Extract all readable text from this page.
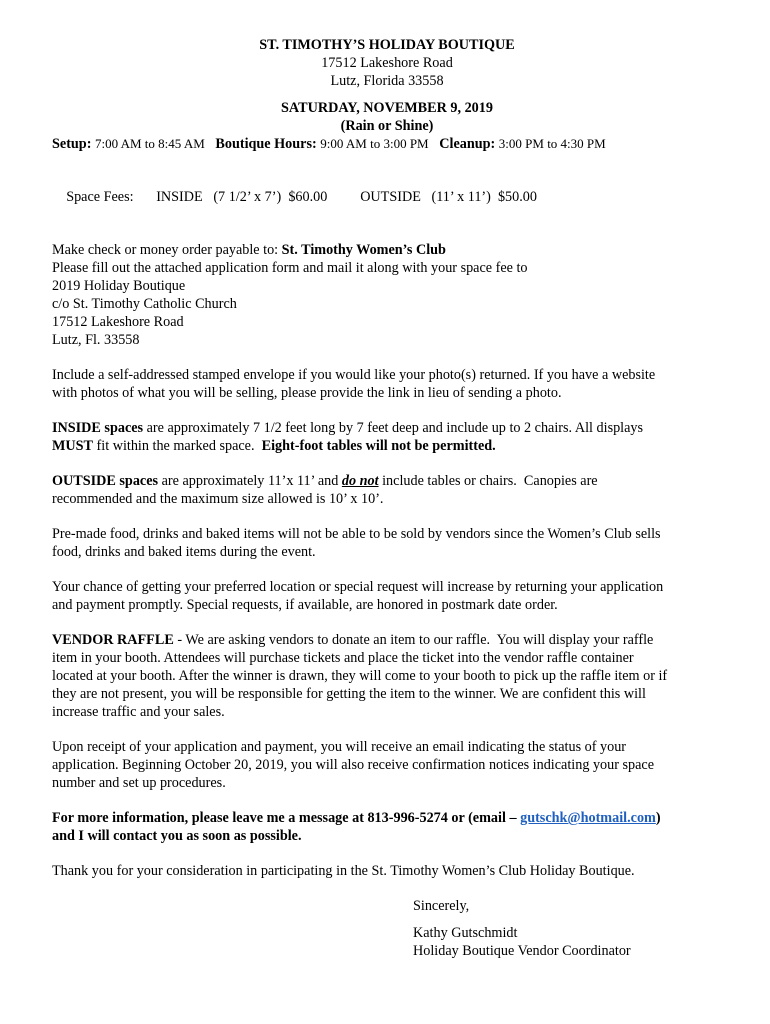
ST. TIMOTHY’S HOLIDAY BOUTIQUE
17512 Lakeshore Road
Lutz, Florida 33558
SATURDAY, NOVEMBER 9, 2019
(Rain or Shine)
Setup: 7:00 AM to 8:45 AM Boutique Hours: 9:00 AM to 3:00 PM Cleanup: 3:00 PM to 4:30 PM

Space Fees: INSIDE   (7 1/2’ x 7’)  $60.00 OUTSIDE   (11’ x 11’)  $50.00

Make check or money order payable to: St. Timothy Women’s Club
Please fill out the attached application form and mail it along with your space fee to
2019 Holiday Boutique
c/o St. Timothy Catholic Church
17512 Lakeshore Road
Lutz, Fl. 33558
Include a self-addressed stamped envelope if you would like your photo(s) returned. If you have a website
with photos of what you will be selling, please provide the link in lieu of sending a photo.
INSIDE spaces are approximately 7 1/2 feet long by 7 feet deep and include up to 2 chairs. All displays
MUST fit within the marked space.  Eight-foot tables will not be permitted.
OUTSIDE spaces are approximately 11’x 11’ and do not include tables or chairs.  Canopies are
recommended and the maximum size allowed is 10’ x 10’.
Pre-made food, drinks and baked items will not be able to be sold by vendors since the Women’s Club sells
food, drinks and baked items during the event.
Your chance of getting your preferred location or special request will increase by returning your application
and payment promptly. Special requests, if available, are honored in postmark date order.
VENDOR RAFFLE - We are asking vendors to donate an item to our raffle.  You will display your raffle
item in your booth. Attendees will purchase tickets and place the ticket into the vendor raffle container
located at your booth. After the winner is drawn, they will come to your booth to pick up the raffle item or if
they are not present, you will be responsible for getting the item to the winner. We are confident this will
increase traffic and your sales.
Upon receipt of your application and payment, you will receive an email indicating the status of your
application. Beginning October 20, 2019, you will also receive confirmation notices indicating your space
number and set up procedures.
For more information, please leave me a message at 813-996-5274 or (email – gutschk@hotmail.com)
and I will contact you as soon as possible.
Thank you for your consideration in participating in the St. Timothy Women’s Club Holiday Boutique.
Sincerely,
Kathy Gutschmidt
Holiday Boutique Vendor Coordinator
